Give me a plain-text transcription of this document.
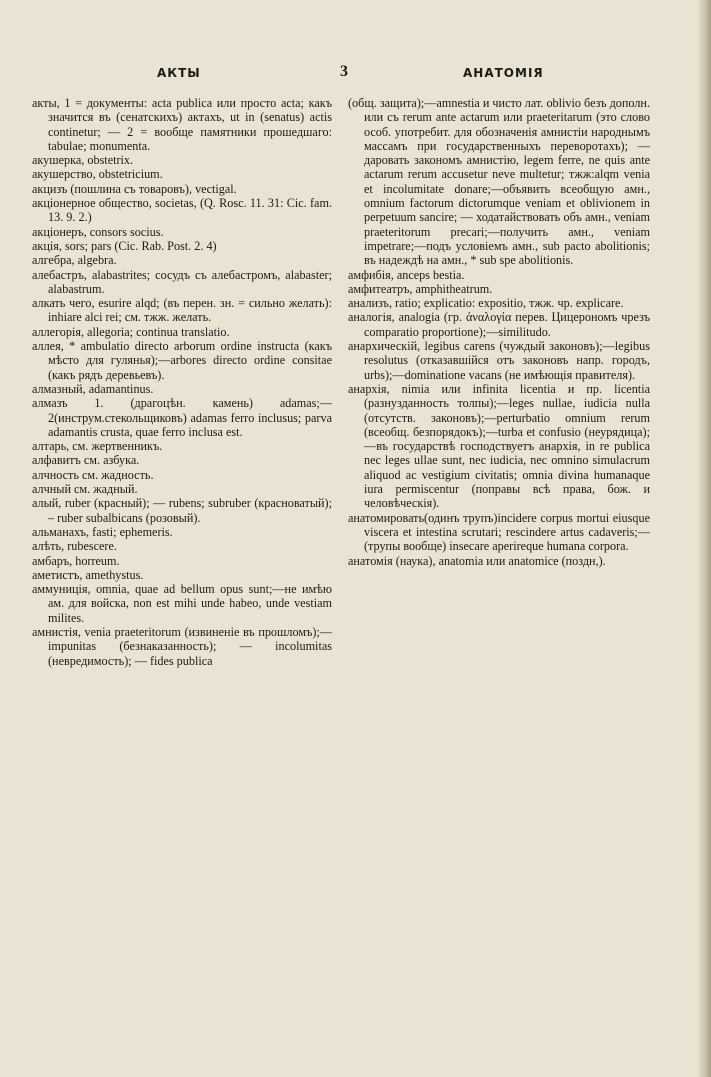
АКТЫ	3	АНАТОМІЯ

акты, 1 = документы: acta publica или просто acta; какъ значится въ (сенатскихъ) актахъ, ut in (senatus) actis continetur; — 2 = вообще памятники прошедшаго: tabulae; monumenta.

акушерка, obstetrix.

акушерство, obstetricium.

акцизъ (пошлина съ товаровъ), vectigal.

акціонерное общество, societas, (Q. Rosc. 11. 31: Cic. fam. 13. 9. 2.)

акціонеръ, consors socius.

акція, sors; pars (Cic. Rab. Post. 2. 4)

алгебра, algebra.

алебастръ, alabastrites; сосудъ съ алебастромъ, alabaster; alabastrum.

алкать чего, esurire alqd; (въ перен. зн. = сильно желать): inhiare alci rei; см. тжж. желать.

аллегорія, allegoria; continua translatio.

аллея, * ambulatio directo arborum ordine instructa (какъ мѣсто для гулянья);—arbores directo ordine consitae (какъ рядъ деревьевъ).

алмазный, adamantinus.

алмазъ 1. (драгоцѣн. камень) adamas;—2(инструм.стекольщиковъ) adamas ferro inclusus; parva adamantis crusta, quae ferro inclusa est.

алтарь, см. жертвенникъ.

алфавитъ см. азбука.

алчность см. жадность.

алчный см. жадный.

алый, ruber (красный); — rubens; subruber (красноватый); – ruber subalbicans (розовый).

альманахъ, fasti; ephemeris.

алѣть, rubescere.

амбаръ, horreum.

аметистъ, amethystus.

аммуниція, omnia, quae ad bellum opus sunt;—не имѣю ам. для войска, non est mihi unde habeo, unde vestiam milites.

амнистія, venia praeteritorum (извиненіе въ прошломъ);—impunitas (безнаказанность); — incolumitas (невредимость); — fides publica

(общ. защита);—amnestia и чисто лат. oblivio безъ дополн. или съ rerum ante actarum или praeteritarum (это слово особ. употребит. для обозначенія амнистіи народнымъ массамъ при государственныхъ переворотахъ); — даровать закономъ амнистію, legem ferre, ne quis ante actarum rerum accusetur neve multetur; тжж:alqm venia et incolumitate donare;—объявить всеобщую амн., omnium factorum dictorumque veniam et oblivionem in perpetuum sancire; — ходатайствовать объ амн., veniam praeteritorum precari;—получить амн., veniam impetrare;—подъ условіемъ амн., sub pacto abolitionis; въ надеждѣ на амн., * sub spe abolitionis.

амфибія, anceps bestia.

амфитеатръ, amphitheatrum.

анализъ, ratio; explicatio: expositio, тжж. чр. explicare.

аналогія, analogia (гр. ἀναλογία перев. Цицерономъ чрезъ comparatio proportione);—similitudo.

анархическій, legibus carens (чуждый законовъ);—legibus resolutus (отказавшійся отъ законовъ напр. городъ, urbs);—dominatione vacans (не имѣющія правителя).

анархія, nimia или infinita licentia и пр. licentia (разнузданность толпы);—leges nullae, iudicia nulla (отсутств. законовъ);—perturbatio omnium rerum (всеобщ. безпорядокъ);—turba et confusio (неурядица);—въ государствѣ господствуетъ анархія, in re publica nec leges ullae sunt, nec iudicia, nec omnino simulacrum aliquod ac vestigium civitatis; omnia divina humanaque iura permiscentur (поправы всѣ права, бож. и человѣческія).

анатомировать(одинъ трупъ)incidere corpus mortui eiusque viscera et intestina scrutari; rescindere artus cadaveris;—(трупы вообще) insecare aperireque humana corpora.

анатомія (наука), anatomia или anatomice (поздн,).
